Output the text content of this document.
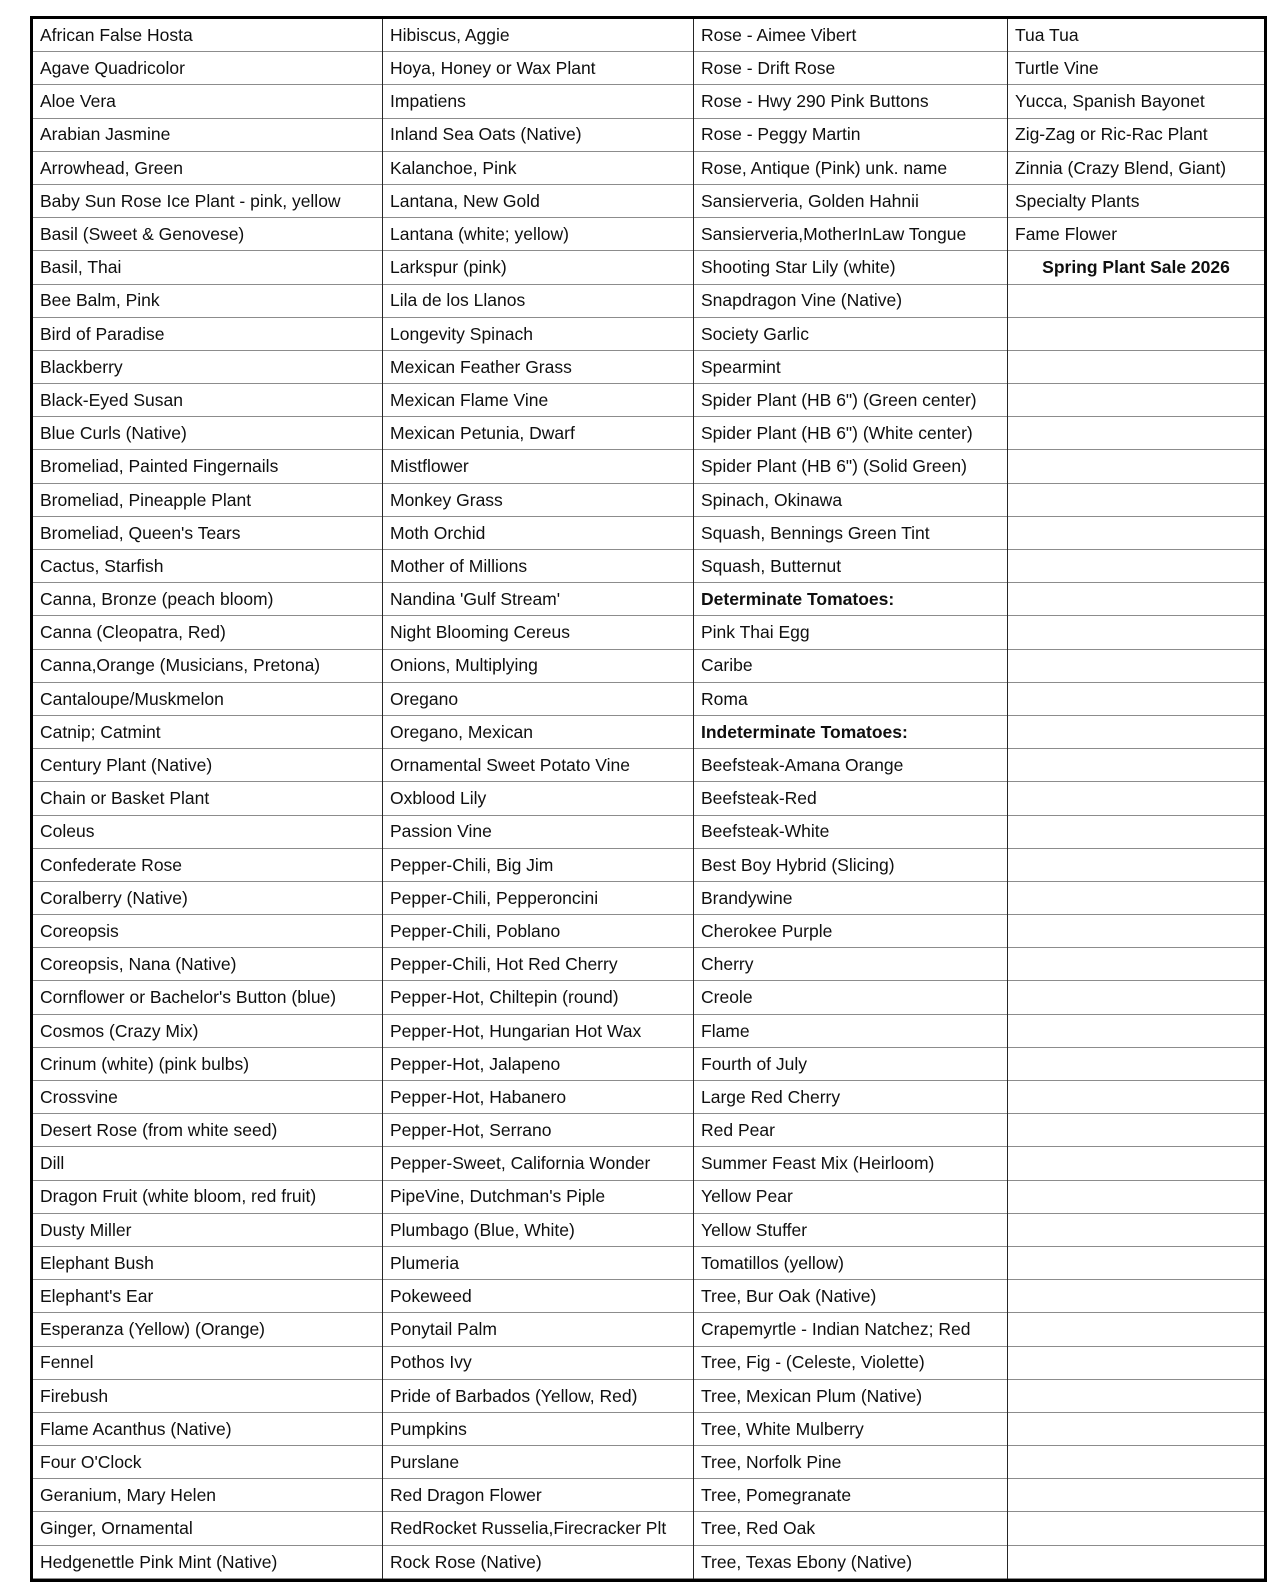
African False Hosta
Agave Quadricolor
Aloe Vera
Arabian Jasmine
Arrowhead, Green
Baby Sun Rose Ice Plant - pink, yellow
Basil (Sweet & Genovese)
Basil, Thai
Bee Balm, Pink
Bird of Paradise
Blackberry
Black-Eyed Susan
Blue Curls (Native)
Bromeliad, Painted Fingernails
Bromeliad, Pineapple Plant
Bromeliad, Queen's Tears
Cactus, Starfish
Canna, Bronze (peach bloom)
Canna (Cleopatra, Red)
Canna,Orange (Musicians, Pretona)
Cantaloupe/Muskmelon
Catnip; Catmint
Century Plant (Native)
Chain or Basket Plant
Coleus
Confederate Rose
Coralberry (Native)
Coreopsis
Coreopsis, Nana (Native)
Cornflower or Bachelor's Button (blue)
Cosmos (Crazy Mix)
Crinum (white) (pink bulbs)
Crossvine
Desert Rose (from white seed)
Dill
Dragon Fruit (white bloom, red fruit)
Dusty Miller
Elephant Bush
Elephant's Ear
Esperanza (Yellow) (Orange)
Fennel
Firebush
Flame Acanthus (Native)
Four O'Clock
Geranium, Mary Helen
Ginger, Ornamental
Hedgenettle Pink Mint (Native)
Hibiscus, Aggie
Hoya, Honey or Wax Plant
Impatiens
Inland Sea Oats (Native)
Kalanchoe, Pink
Lantana, New Gold
Lantana (white; yellow)
Larkspur (pink)
Lila de los Llanos
Longevity Spinach
Mexican Feather Grass
Mexican Flame Vine
Mexican Petunia, Dwarf
Mistflower
Monkey Grass
Moth Orchid
Mother of Millions
Nandina 'Gulf Stream'
Night Blooming Cereus
Onions, Multiplying
Oregano
Oregano, Mexican
Ornamental Sweet Potato Vine
Oxblood Lily
Passion Vine
Pepper-Chili, Big Jim
Pepper-Chili, Pepperoncini
Pepper-Chili, Poblano
Pepper-Chili, Hot Red Cherry
Pepper-Hot, Chiltepin (round)
Pepper-Hot, Hungarian Hot Wax
Pepper-Hot, Jalapeno
Pepper-Hot, Habanero
Pepper-Hot, Serrano
Pepper-Sweet, California Wonder
PipeVine, Dutchman's Piple
Plumbago (Blue, White)
Plumeria
Pokeweed
Ponytail Palm
Pothos Ivy
Pride of Barbados (Yellow, Red)
Pumpkins
Purslane
Red Dragon Flower
RedRocket Russelia,Firecracker Plt
Rock Rose (Native)
Rose - Aimee Vibert
Rose - Drift Rose
Rose - Hwy 290 Pink Buttons
Rose - Peggy Martin
Rose, Antique (Pink) unk. name
Sansierveria, Golden Hahnii
Sansierveria,MotherInLaw Tongue
Shooting Star Lily (white)
Snapdragon Vine (Native)
Society Garlic
Spearmint
Spider Plant (HB 6") (Green center)
Spider Plant (HB 6") (White center)
Spider Plant (HB 6") (Solid Green)
Spinach, Okinawa
Squash, Bennings Green Tint
Squash, Butternut
Determinate Tomatoes:
Pink Thai Egg
Caribe
Roma
Indeterminate Tomatoes:
Beefsteak-Amana Orange
Beefsteak-Red
Beefsteak-White
Best Boy Hybrid (Slicing)
Brandywine
Cherokee Purple
Cherry
Creole
Flame
Fourth of July
Large Red Cherry
Red Pear
Summer Feast Mix (Heirloom)
Yellow Pear
Yellow Stuffer
Tomatillos (yellow)
Tree, Bur Oak (Native)
Crapemyrtle - Indian Natchez; Red
Tree, Fig - (Celeste, Violette)
Tree, Mexican Plum (Native)
Tree, White Mulberry
Tree, Norfolk Pine
Tree, Pomegranate
Tree, Red Oak
Tree, Texas Ebony (Native)
Tua Tua
Turtle Vine
Yucca, Spanish Bayonet
Zig-Zag or Ric-Rac Plant
Zinnia (Crazy Blend, Giant)
Specialty Plants
Fame Flower
Spring Plant Sale 2026
